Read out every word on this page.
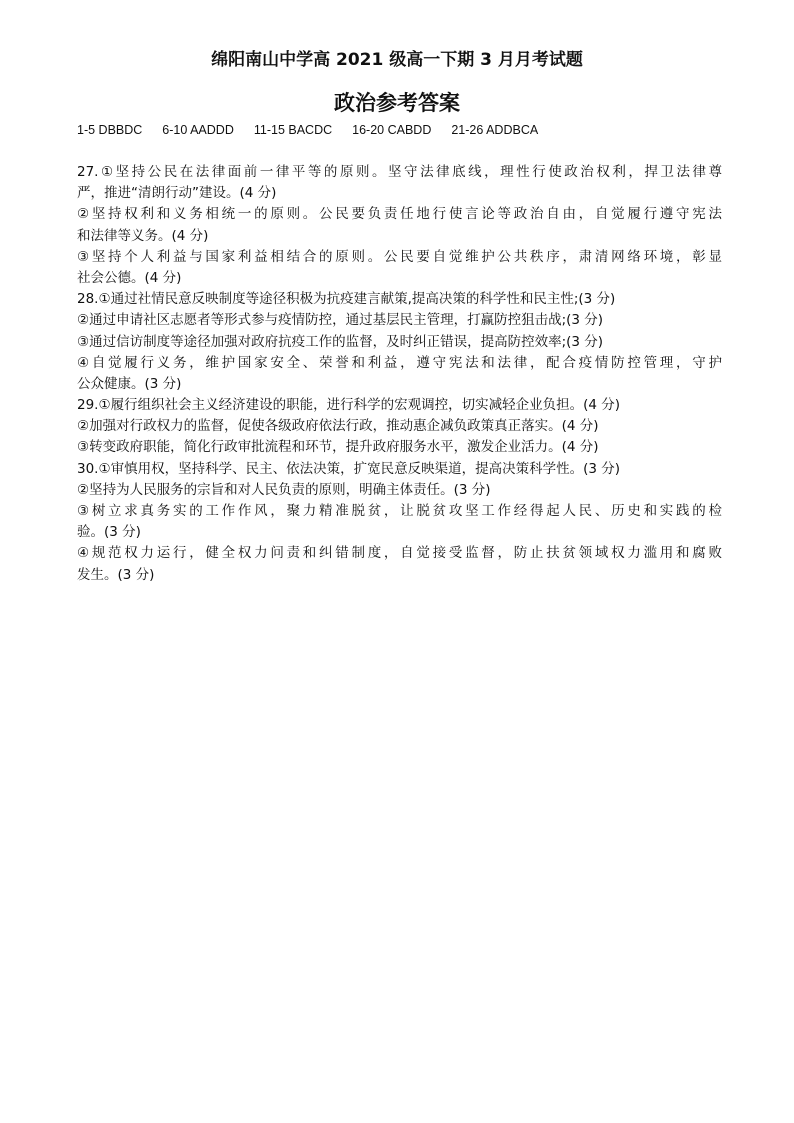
绵阳南山中学高 2021 级高一下期 3 月月考试题
政治参考答案
1-5 DBBDC 6-10 AADDD 11-15 BACDC 16-20 CABDD 21-26 ADDBCA
27.①坚持公民在法律面前一律平等的原则。坚守法律底线，理性行使政治权利，捍卫法律尊
严，推进“清朗行动”建设。(4 分)
②坚持权利和义务相统一的原则。公民要负责任地行使言论等政治自由，自觉履行遵守宪法
和法律等义务。(4 分)
③坚持个人利益与国家利益相结合的原则。公民要自觉维护公共秩序，肃清网络环境，彰显
社会公德。(4 分)
28.①通过社情民意反映制度等途径积极为抗疫建言献策,提高决策的科学性和民主性;(3 分)
②通过申请社区志愿者等形式参与疫情防控，通过基层民主管理，打赢防控狙击战;(3 分)
③通过信访制度等途径加强对政府抗疫工作的监督，及时纠正错误，提高防控效率;(3 分)
④自觉履行义务，维护国家安全、荣誉和利益，遵守宪法和法律，配合疫情防控管理，守护
公众健康。(3 分)
29.①履行组织社会主义经济建设的职能，进行科学的宏观调控，切实减轻企业负担。(4 分)
②加强对行政权力的监督，促使各级政府依法行政，推动惠企减负政策真正落实。(4 分)
③转变政府职能，简化行政审批流程和环节，提升政府服务水平，激发企业活力。(4 分)
30.①审慎用权，坚持科学、民主、依法决策，扩宽民意反映渠道，提高决策科学性。(3 分)
②坚持为人民服务的宗旨和对人民负责的原则，明确主体责任。(3 分)
③树立求真务实的工作作风，聚力精准脱贫，让脱贫攻坚工作经得起人民、历史和实践的检
验。(3 分)
④规范权力运行，健全权力问责和纠错制度，自觉接受监督，防止扶贫领域权力滥用和腐败
发生。(3 分)
